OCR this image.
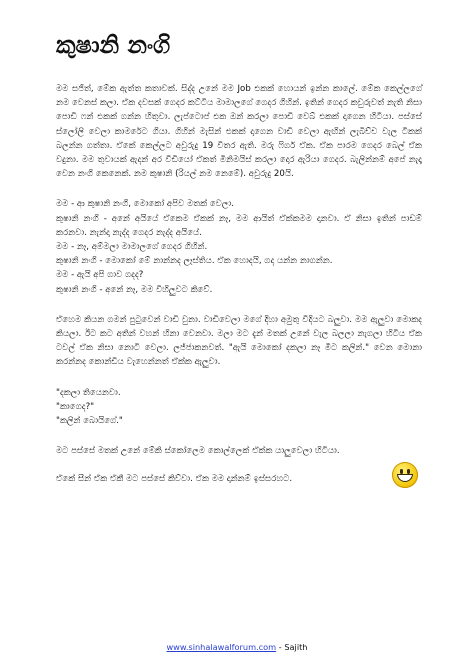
කුෂානි නංගි

මම සජිත්, මේක ඇත්ත කතාවක්. සිද්ද උනේ මම Job එකක් හොයන් ඉන්න කාලේ. මේක කෙල්ලගේ නම වෙනස් කලා. ඒක දවසක් ගෙදර කට්ටිය මාමාලගේ ගෙදර ගිහින්. ඉතින් ගෙදර කවුරුවත් නැති නිසා පොඩි ෆන් එකක් ගන්න හිතුවා. ලැප්ටොප් එක ඔන් කරලා පොඩි වෙබ් එකක් දාගෙන හිටියා. පස්සේ ස්ලෝලි වෙලා කාමරේට ගියා. ගිහින් මැසින් එකක් දාගෙන වාඩි වෙලා ඇඟින් ලැබිච්ච වැල ටිකක් බලන්න ගත්තා. ඒකේ කෙල්ලට අවුරුදු 19 විතර ඇති. මරු ෆිගර් ඒක. ඒක පාරම ගෙදර බෙල් ඒක වදුනා. මම තුවායක් ඇදන් අර වීඩියෝ ඒකත් මිනිමයිස් කරලා දොර ඇරියා ගෙදර. බැලින්නම් අපේ නැදෑ වෙන නංගි කෙනෙක්. නම කුෂානි (රියල් නම නෙමේ). අවුරුදු 20යි.

මම - ආ කුෂානි නංගි, මොකෝ අපිව මතක් වෙලා.

කුෂානි නංගි - අනේ අයියේ ඒකෙම ඒකක් නෑ, මම ආයිත් ඒක්කමම දානවා. ඒ නිසා ඉතින් පාඩම් කරනවා. නැන්දා නැද්ද ගෙදර නැද්ද අයියේ.

මම - නෑ, අම්මලා මාමාලගේ ගෙදර ගිහින්.

කුෂානි නංගි - මොකෝ මේ නාන්නද ලෑස්තිය. ඒක හොදයි, ගද යන්න නාගන්න.

මම - ඇයි අපි ගාව ගදද?

කුෂානි නංගි - අනේ නෑ, මම විහිලුවට කිවේ.

ඒහෙම කියන ගමන් පුටුවෙන් වාඩි වුනා. වාඩිවෙලා මගේ දිහා අමුතු විදියට බලුවා. මම ඇලුවා මොකද කියලා. ඊට කට අතින් වහන් හිනා වෙනවා. මලා මට දැන් මතක් උනේ වැල බලලා නැගලා හිටිය ඒක ටවල් ඒක නිසා නොටි වෙලා. ලජ්ජාකනවත්. "ඇයි මොකෝ දකලා නෑ මීට කලින්." වෙන මොනා කරන්නද කොන්ඩිය වැහෙන්නත් ඒක්ක ඇලුවා.

"දකලා තියෙනවා.

"කාගෙද?"

"කලින් බොයිගේ."

මට පස්සේ මතක් උනේ මේකි ස්කෝලෙම කොල්ලෙක් ඒක්ක යාලුවෙලා හිටියා.

ඒකේ සීන් ඒක ඒකී මට පස්සේ කිව්වා. ඒක මම දාන්නම් ඉස්සරහට.

www.sinhalawalforum.com - Sajith
